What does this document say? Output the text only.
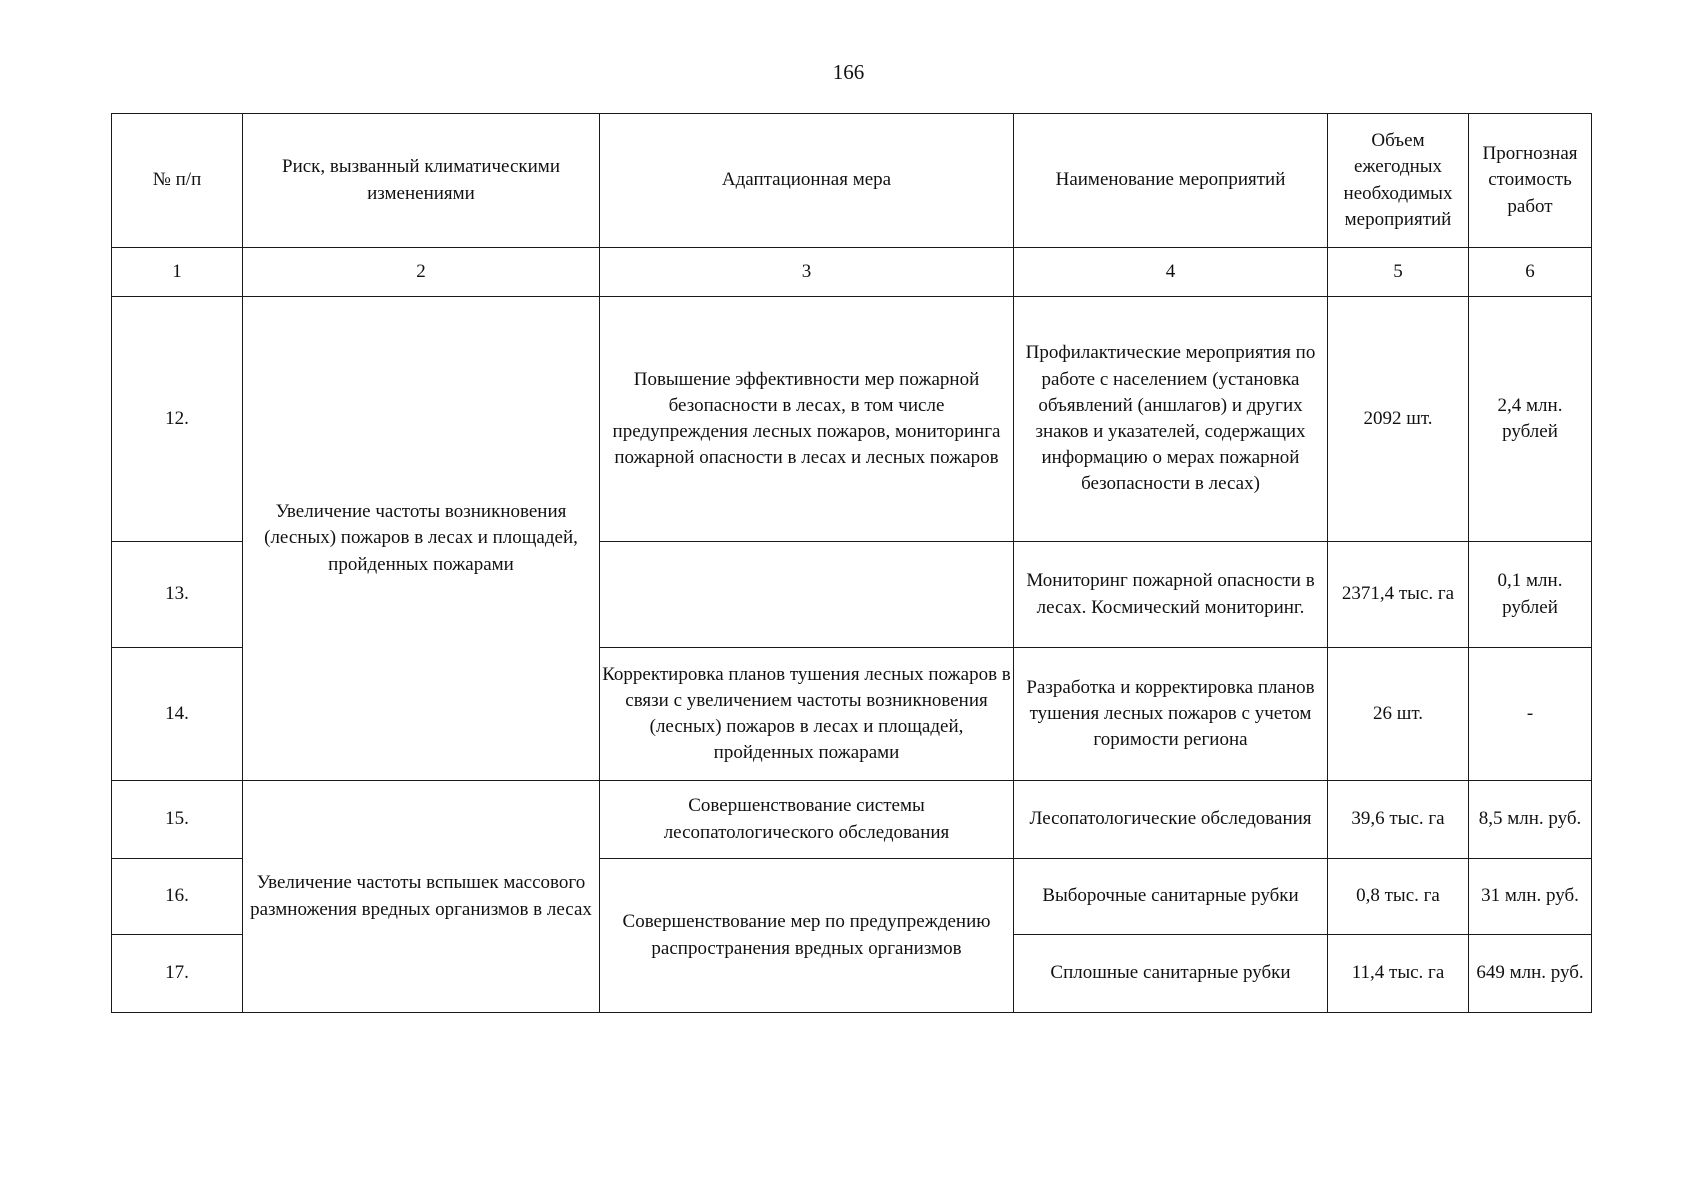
166
№ п/п	Риск, вызванный климатическими изменениями	Адаптационная мера	Наименование мероприятий	Объем ежегодных необходимых мероприятий	Прогнозная стоимость работ
1	2	3	4	5	6
12.	Увеличение частоты возникновения (лесных) пожаров в лесах и площадей, пройденных пожарами	Повышение эффективности мер пожарной безопасности в лесах, в том числе предупреждения лесных пожаров, мониторинга пожарной опасности в лесах и лесных пожаров	Профилактические мероприятия по работе с населением (установка объявлений (аншлагов) и других знаков и указателей, содержащих информацию о мерах пожарной безопасности в лесах)	2092 шт.	2,4 млн. рублей
13.			Мониторинг пожарной опасности в лесах. Космический мониторинг.	2371,4 тыс. га	0,1 млн. рублей
14.		Корректировка планов тушения лесных пожаров в связи с увеличением частоты возникновения (лесных) пожаров в лесах и площадей, пройденных пожарами	Разработка и корректировка планов тушения лесных пожаров с учетом горимости региона	26 шт.	-
15.	Увеличение частоты вспышек массового размножения вредных организмов в лесах	Совершенствование системы лесопатологического обследования	Лесопатологические обследования	39,6 тыс. га	8,5 млн. руб.
16.		Совершенствование мер по предупреждению распространения вредных организмов	Выборочные санитарные рубки	0,8 тыс. га	31 млн. руб.
17.			Сплошные санитарные рубки	11,4 тыс. га	649 млн. руб.
